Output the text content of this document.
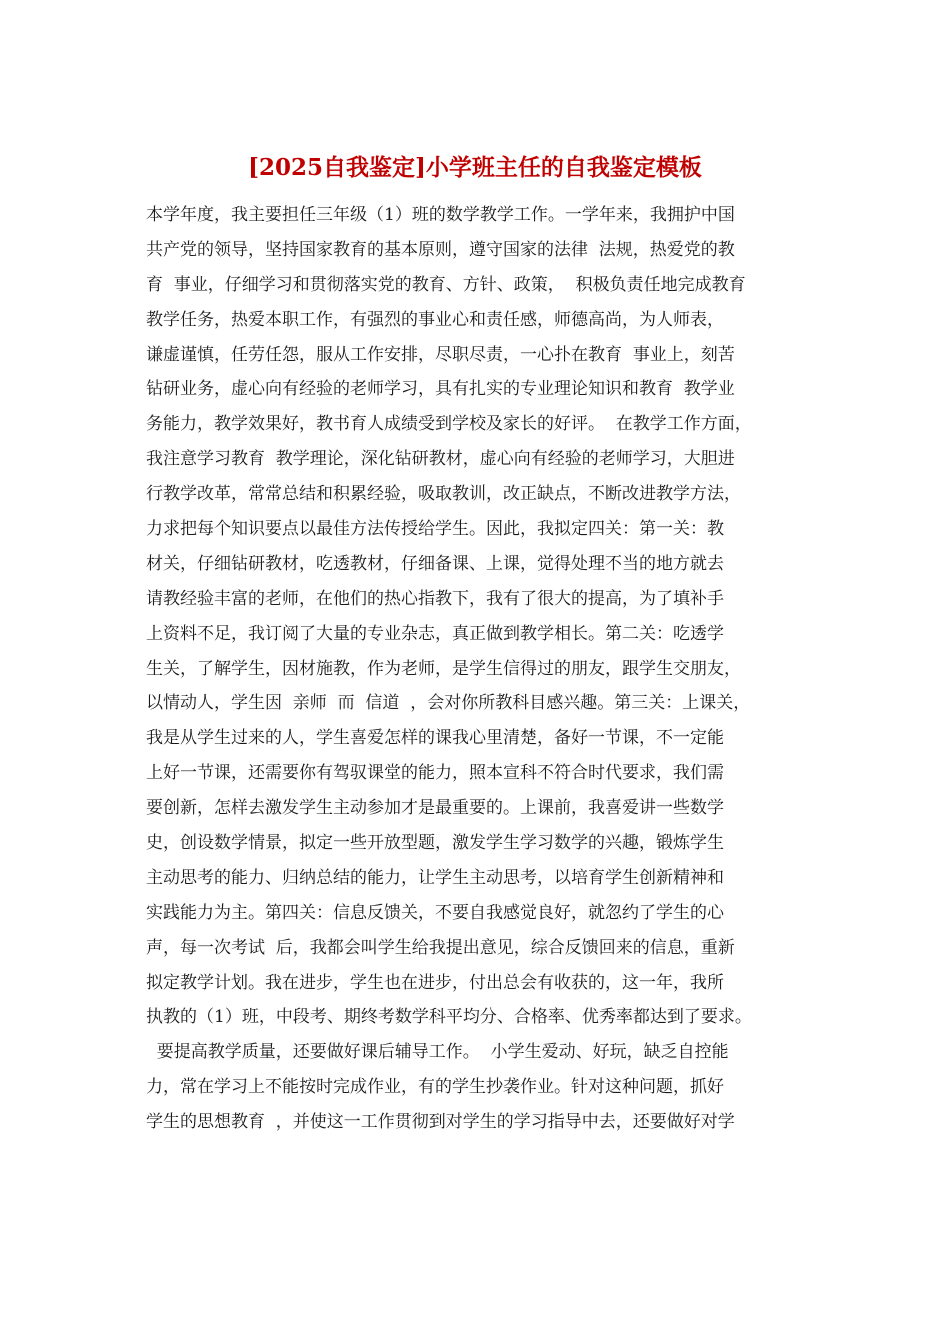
[2025自我鉴定]小学班主任的自我鉴定模板
本学年度，我主要担任三年级（1）班的数学教学工作。一学年来，我拥护中国
共产党的领导，坚持国家教育的基本原则，遵守国家的法律  法规，热爱党的教
育  事业，仔细学习和贯彻落实党的教育、方针、政策，  积极负责任地完成教育
教学任务，热爱本职工作，有强烈的事业心和责任感，师德高尚，为人师表，
谦虚谨慎，任劳任怨，服从工作安排，尽职尽责，一心扑在教育  事业上，刻苦
钻研业务，虚心向有经验的老师学习，具有扎实的专业理论知识和教育  教学业
务能力，教学效果好，教书育人成绩受到学校及家长的好评。  在教学工作方面，
我注意学习教育  教学理论，深化钻研教材，虚心向有经验的老师学习，大胆进
行教学改革，常常总结和积累经验，吸取教训，改正缺点，不断改进教学方法，
力求把每个知识要点以最佳方法传授给学生。因此，我拟定四关：第一关：教
材关，仔细钻研教材，吃透教材，仔细备课、上课，觉得处理不当的地方就去
请教经验丰富的老师，在他们的热心指教下，我有了很大的提高，为了填补手
上资料不足，我订阅了大量的专业杂志，真正做到教学相长。第二关：吃透学
生关，了解学生，因材施教，作为老师，是学生信得过的朋友，跟学生交朋友，
以情动人，学生因  亲师  而  信道  ，会对你所教科目感兴趣。第三关：上课关，
我是从学生过来的人，学生喜爱怎样的课我心里清楚，备好一节课，不一定能
上好一节课，还需要你有驾驭课堂的能力，照本宣科不符合时代要求，我们需
要创新，怎样去激发学生主动参加才是最重要的。上课前，我喜爱讲一些数学
史，创设数学情景，拟定一些开放型题，激发学生学习数学的兴趣，锻炼学生
主动思考的能力、归纳总结的能力，让学生主动思考，以培育学生创新精神和
实践能力为主。第四关：信息反馈关，不要自我感觉良好，就忽约了学生的心
声，每一次考试  后，我都会叫学生给我提出意见，综合反馈回来的信息，重新
拟定教学计划。我在进步，学生也在进步，付出总会有收获的，这一年，我所
执教的（1）班，中段考、期终考数学科平均分、合格率、优秀率都达到了要求。
要提高教学质量，还要做好课后辅导工作。  小学生爱动、好玩，缺乏自控能
力，常在学习上不能按时完成作业，有的学生抄袭作业。针对这种问题，抓好
学生的思想教育  ，并使这一工作贯彻到对学生的学习指导中去，还要做好对学
